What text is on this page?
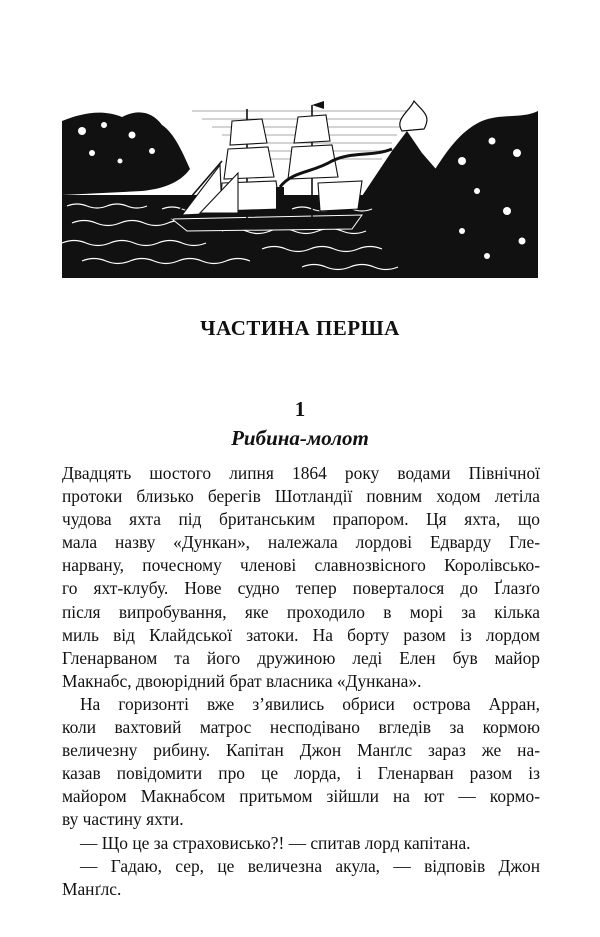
ЧАСТИНА ПЕРША
1
Рибина-молот

Двадцять шостого липня 1864 року водами Північної

протоки близько берегів Шотландії повним ходом летіла

чудова яхта під британським прапором. Ця яхта, що

мала назву «Дункан», належала лордові Едварду Гле-

нарвану, почесному членові славнозвісного Королівсько-

го яхт-клубу. Нове судно тепер поверталося до Ґлазґо

після випробування, яке проходило в морі за кілька

миль від Клайдської затоки. На борту разом із лордом

Гленарваном та його дружиною леді Елен був майор

Макнабс, двоюрідний брат власника «Дункана».

На горизонті вже з’явились обриси острова Арран,

коли вахтовий матрос несподівано вгледів за кормою

величезну рибину. Капітан Джон Манґлс зараз же на-

казав повідомити про це лорда, і Гленарван разом із

майором Макнабсом притьмом зійшли на ют — кормо-

ву частину яхти.

— Що це за страховисько?! — спитав лорд капітана.

— Гадаю, сер, це величезна акула, — відповів Джон

Манґлс.
